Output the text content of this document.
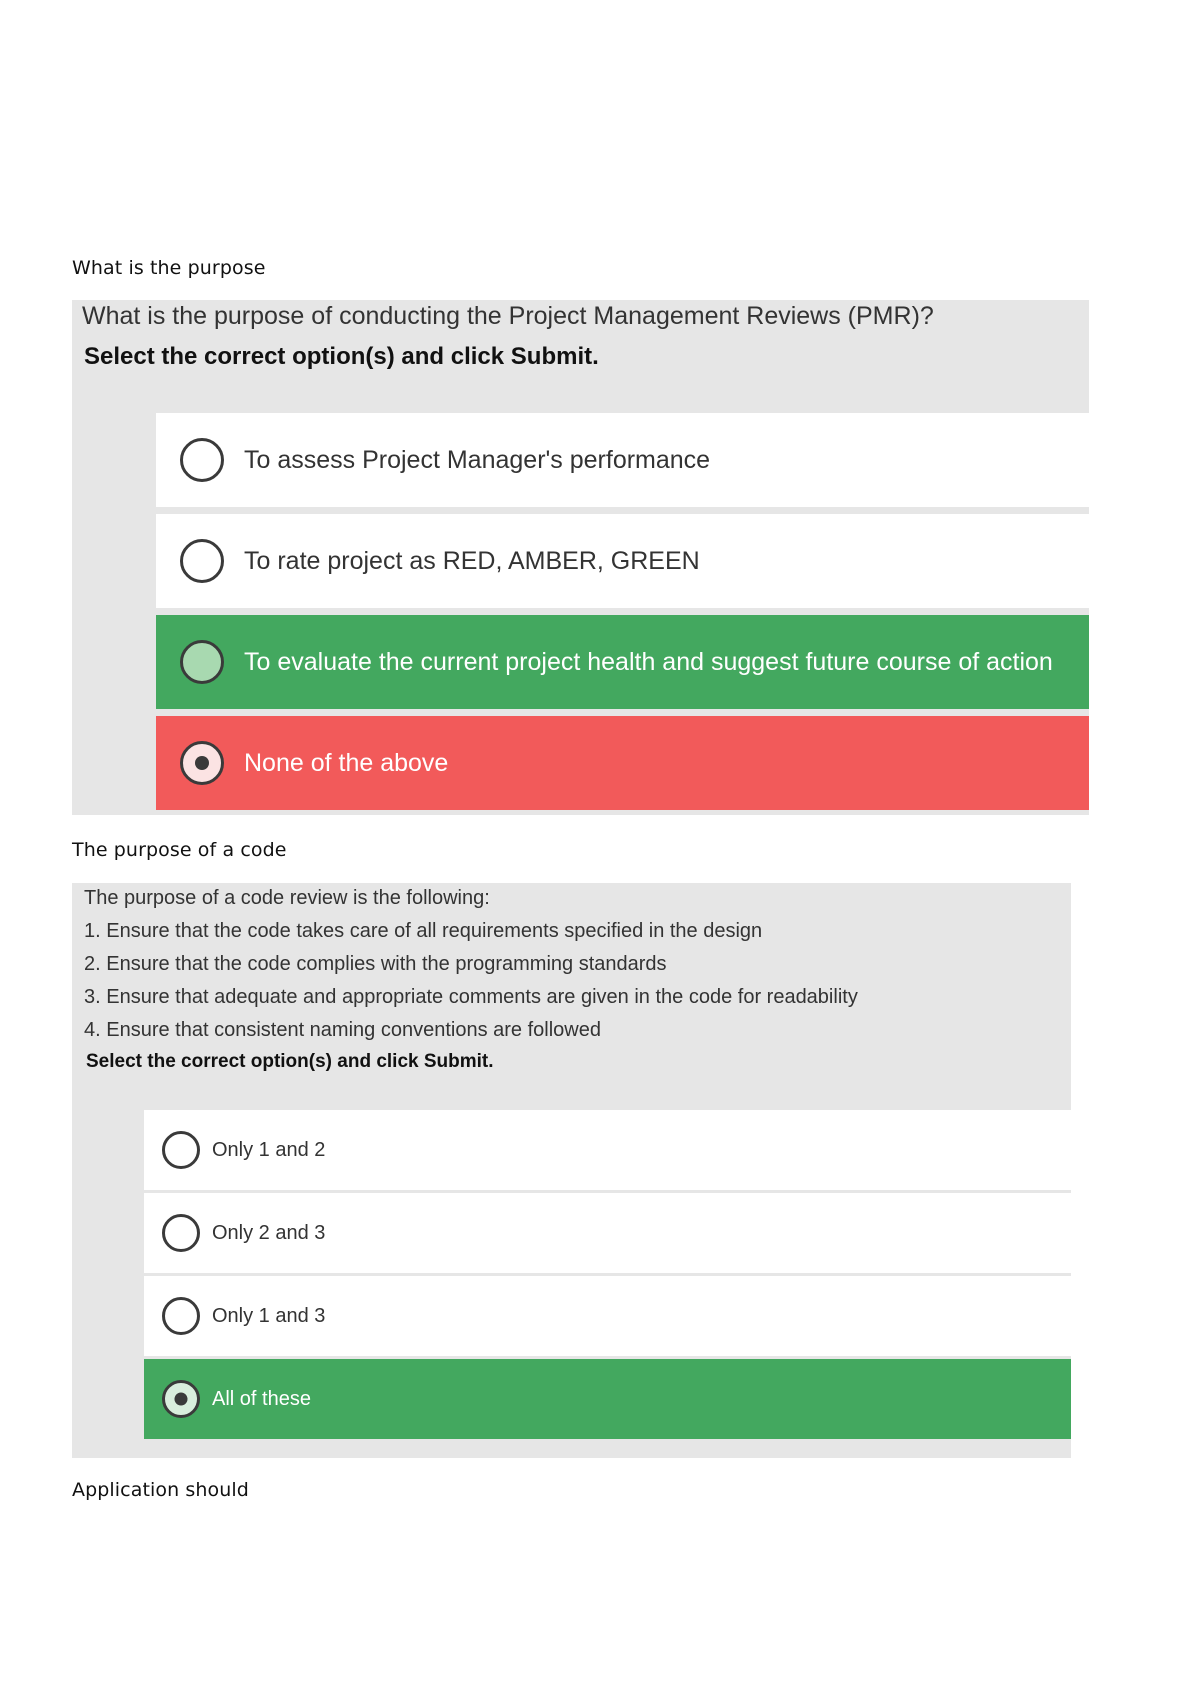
What is the purpose
What is the purpose of conducting the Project Management Reviews (PMR)?
Select the correct option(s) and click Submit.
To assess Project Manager's performance
To rate project as RED, AMBER, GREEN
To evaluate the current project health and suggest future course of action
None of the above
The purpose of a code
The purpose of a code review is the following:
1. Ensure that the code takes care of all requirements specified in the design
2. Ensure that the code complies with the programming standards
3. Ensure that adequate and appropriate comments are given in the code for readability
4. Ensure that consistent naming conventions are followed
Select the correct option(s) and click Submit.
Only 1 and 2
Only 2 and 3
Only 1 and 3
All of these
Application should
